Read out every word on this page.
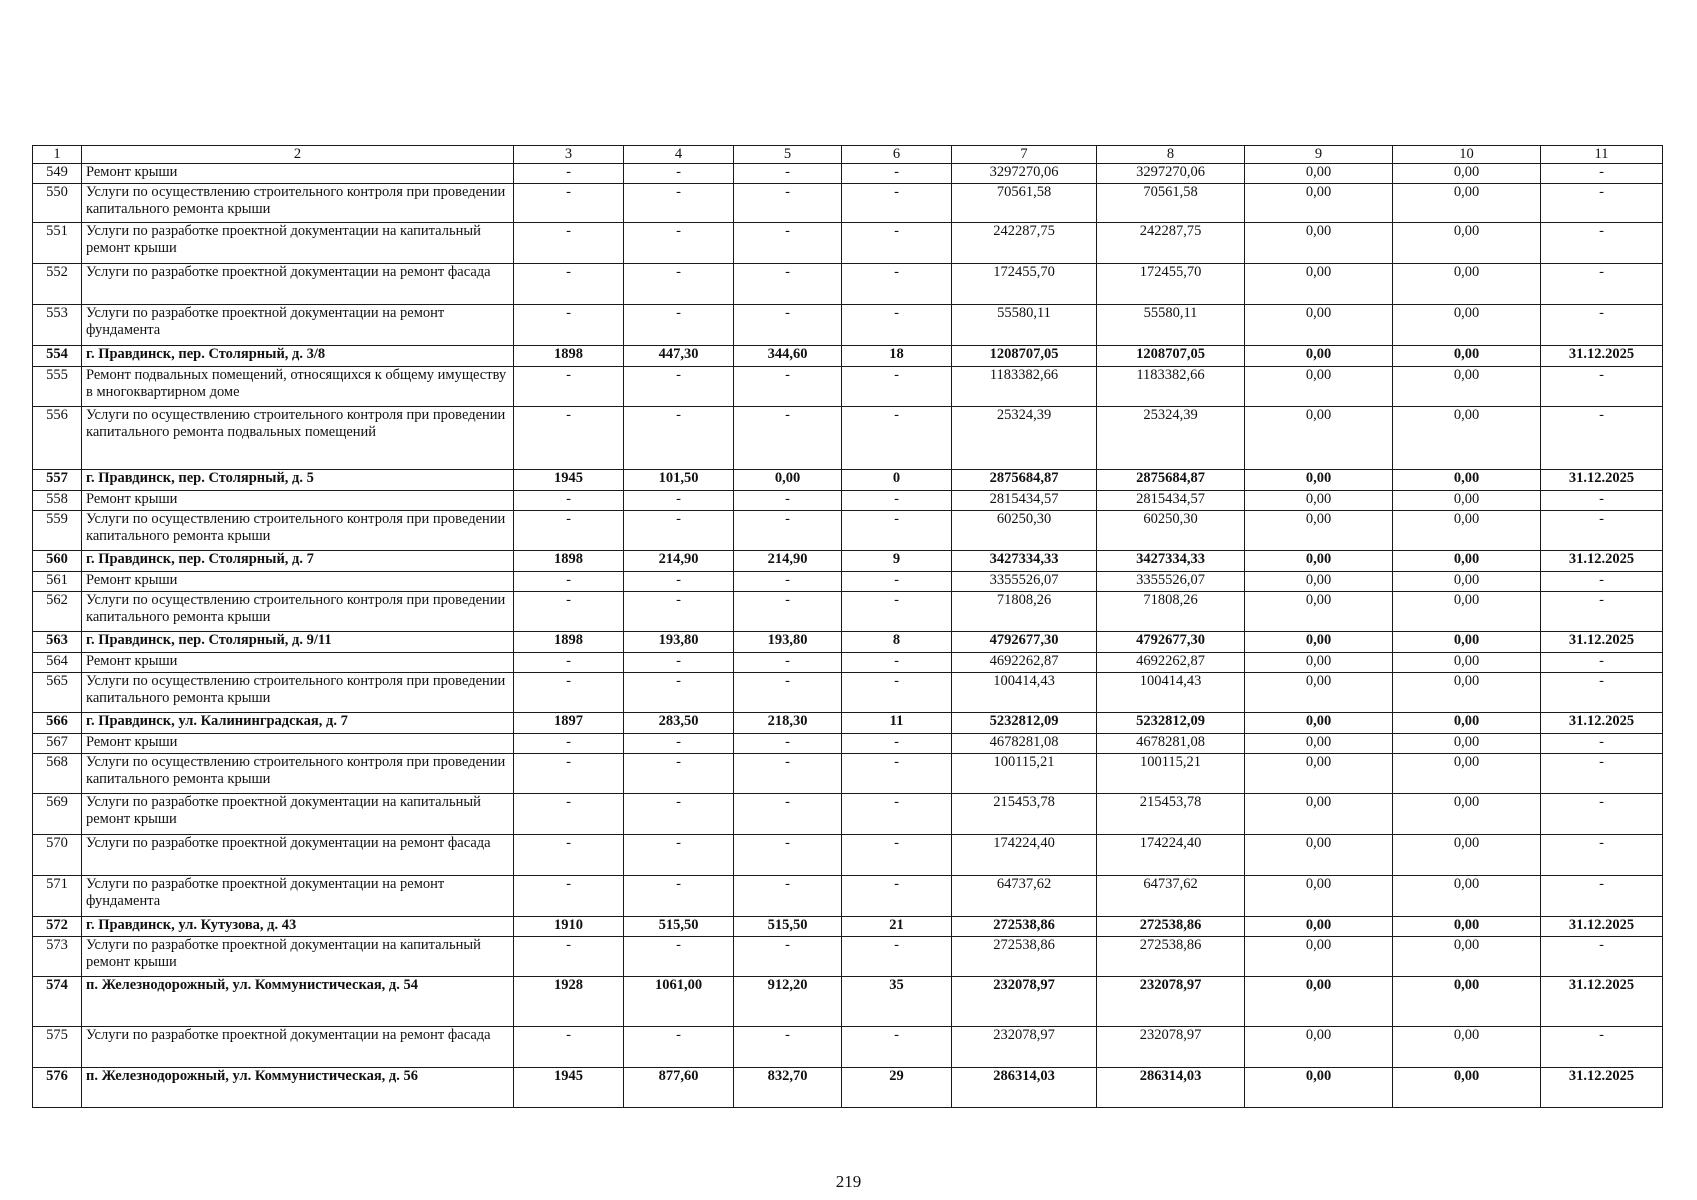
1	2	3	4	5	6	7	8	9	10	11
549	Ремонт крыши	-	-	-	-	3297270,06	3297270,06	0,00	0,00	-
550	Услуги по осуществлению строительного контроля при проведении капитального ремонта крыши	-	-	-	-	70561,58	70561,58	0,00	0,00	-
551	Услуги по разработке проектной документации на капитальный ремонт крыши	-	-	-	-	242287,75	242287,75	0,00	0,00	-
552	Услуги по разработке проектной документации на ремонт фасада	-	-	-	-	172455,70	172455,70	0,00	0,00	-
553	Услуги по разработке проектной документации на ремонт фундамента	-	-	-	-	55580,11	55580,11	0,00	0,00	-
554	г. Правдинск, пер. Столярный, д. 3/8	1898	447,30	344,60	18	1208707,05	1208707,05	0,00	0,00	31.12.2025
555	Ремонт подвальных помещений, относящихся к общему имуществу в многоквартирном доме	-	-	-	-	1183382,66	1183382,66	0,00	0,00	-
556	Услуги по осуществлению строительного контроля при проведении капитального ремонта подвальных помещений	-	-	-	-	25324,39	25324,39	0,00	0,00	-
557	г. Правдинск, пер. Столярный, д. 5	1945	101,50	0,00	0	2875684,87	2875684,87	0,00	0,00	31.12.2025
558	Ремонт крыши	-	-	-	-	2815434,57	2815434,57	0,00	0,00	-
559	Услуги по осуществлению строительного контроля при проведении капитального ремонта крыши	-	-	-	-	60250,30	60250,30	0,00	0,00	-
560	г. Правдинск, пер. Столярный, д. 7	1898	214,90	214,90	9	3427334,33	3427334,33	0,00	0,00	31.12.2025
561	Ремонт крыши	-	-	-	-	3355526,07	3355526,07	0,00	0,00	-
562	Услуги по осуществлению строительного контроля при проведении капитального ремонта крыши	-	-	-	-	71808,26	71808,26	0,00	0,00	-
563	г. Правдинск, пер. Столярный, д. 9/11	1898	193,80	193,80	8	4792677,30	4792677,30	0,00	0,00	31.12.2025
564	Ремонт крыши	-	-	-	-	4692262,87	4692262,87	0,00	0,00	-
565	Услуги по осуществлению строительного контроля при проведении капитального ремонта крыши	-	-	-	-	100414,43	100414,43	0,00	0,00	-
566	г. Правдинск, ул. Калининградская, д. 7	1897	283,50	218,30	11	5232812,09	5232812,09	0,00	0,00	31.12.2025
567	Ремонт крыши	-	-	-	-	4678281,08	4678281,08	0,00	0,00	-
568	Услуги по осуществлению строительного контроля при проведении капитального ремонта крыши	-	-	-	-	100115,21	100115,21	0,00	0,00	-
569	Услуги по разработке проектной документации на капитальный ремонт крыши	-	-	-	-	215453,78	215453,78	0,00	0,00	-
570	Услуги по разработке проектной документации на ремонт фасада	-	-	-	-	174224,40	174224,40	0,00	0,00	-
571	Услуги по разработке проектной документации на ремонт фундамента	-	-	-	-	64737,62	64737,62	0,00	0,00	-
572	г. Правдинск, ул. Кутузова, д. 43	1910	515,50	515,50	21	272538,86	272538,86	0,00	0,00	31.12.2025
573	Услуги по разработке проектной документации на капитальный ремонт крыши	-	-	-	-	272538,86	272538,86	0,00	0,00	-
574	п. Железнодорожный, ул. Коммунистическая, д. 54	1928	1061,00	912,20	35	232078,97	232078,97	0,00	0,00	31.12.2025
575	Услуги по разработке проектной документации на ремонт фасада	-	-	-	-	232078,97	232078,97	0,00	0,00	-
576	п. Железнодорожный, ул. Коммунистическая, д. 56	1945	877,60	832,70	29	286314,03	286314,03	0,00	0,00	31.12.2025
219
